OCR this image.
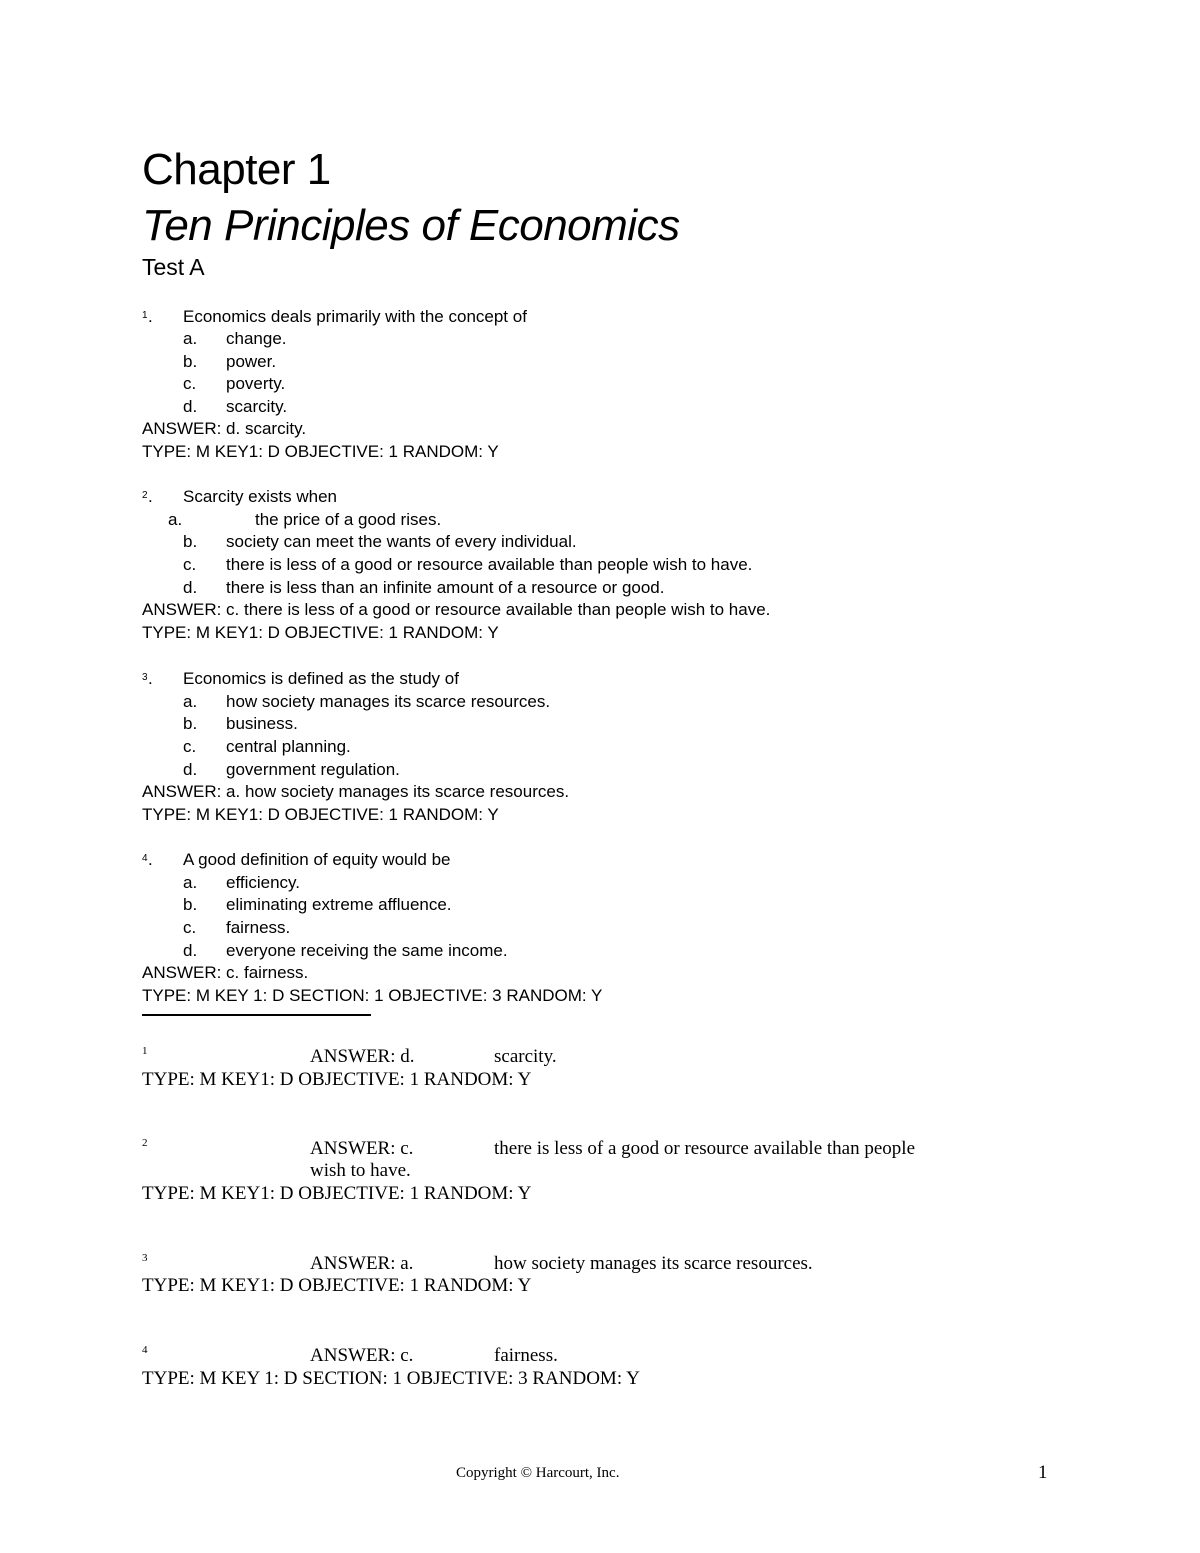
Chapter 1
Ten Principles of Economics
Test A
1 . Economics deals primarily with the concept of
a. change.
b. power.
c. poverty.
d. scarcity.
ANSWER: d. scarcity.
TYPE: M KEY1: D OBJECTIVE: 1 RANDOM: Y
2 . Scarcity exists when
a.	the price of a good rises.
b. society can meet the wants of every individual.
c. there is less of a good or resource available than people wish to have.
d. there is less than an infinite amount of a resource or good.
ANSWER: c. there is less of a good or resource available than people wish to have.
TYPE: M KEY1: D OBJECTIVE: 1 RANDOM: Y
3 . Economics is defined as the study of
a. how society manages its scarce resources.
b. business.
c. central planning.
d. government regulation.
ANSWER: a. how society manages its scarce resources.
TYPE: M KEY1: D OBJECTIVE: 1 RANDOM: Y
4 . A good definition of equity would be
a. efficiency.
b. eliminating extreme affluence.
c. fairness.
d. everyone receiving the same income.
ANSWER: c. fairness.
TYPE: M KEY 1: D SECTION: 1 OBJECTIVE: 3 RANDOM: Y
1	ANSWER: d.	scarcity.
TYPE: M KEY1: D OBJECTIVE: 1 RANDOM: Y
2	ANSWER: c.	there is less of a good or resource available than people
wish to have.
TYPE: M KEY1: D OBJECTIVE: 1 RANDOM: Y
3	ANSWER: a.	how society manages its scarce resources.
TYPE: M KEY1: D OBJECTIVE: 1 RANDOM: Y
4	ANSWER: c.	fairness.
TYPE: M KEY 1: D SECTION: 1 OBJECTIVE: 3 RANDOM: Y
Copyright © Harcourt, Inc.	1
